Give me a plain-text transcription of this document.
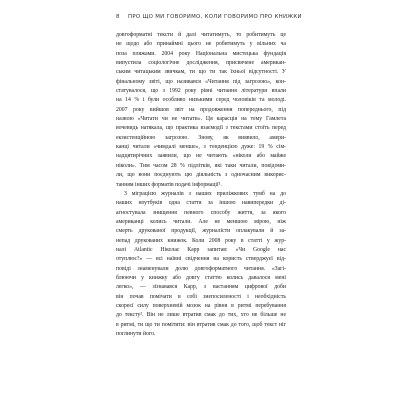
8 ПРО ЩО МИ ГОВОРИМО, КОЛИ ГОВОРИМО ПРО КНИЖКИ
довгоформатні тексти й далі читатимуть, то робитимуть це
не щодо або принаймні цього не робитимуть у вільних ча
поза пляжами. 2004 року Національна мистецька фундація
випустила соціологічне дослідження, присвячене американ-
ським читацьким звичкам, ти що ти так їхньої відсутності. У
фінальному звіті, що називався «Читання під загрозою», кон-
статувалося, що з 1992 року рівні читання літератури впали
на 14 % і були особливо низькими серед чоловіків та молоді.
2007 року вийшов звіт на продовження попереднього, під
назвою «Читати чи не читати». Ця карасція на тему Гамлета
вочевидь натякала, що практика взаємодії з текстами стоїть перед
екзистенційною загрозою. Знову, як виявило, амери-
канці читали «чимдалі менше», з тенденцією дуже: 19 % сім-
надцятирічних заявили, що не читають «ніколи або майже
ніколи». Тим часом 28 % підлітків, які таки читали, повідоми-
ли, що вони поєднують цю діяльність з одночасним викорис-
танням інших форматів подачі інформації¹.
З міграцією журналів з наших приліжкових тумб на до
наших ноутбуків одна стаття за іншою навипередки ді-
агностувала знищення певного способу життя, за якого
американці колись читали. Але не меншою мірою, ніж
смерть друкованої продукції, журналісти оплакували й за-
непад друкованих книжок. Коли 2008 року в статті у жур-
налі Atlantic Ніколас Карр запитав: «Чи Google нас
отуплює?» — всі наївні свідчення на користь стверджуєї від-
повіді знаменували долю довгоформатного читання. «Загі-
блюючи у книжку або довгу статтю колись давалося мені
легко», — зізнавався Карр, з настанням цифрової доби
він почав помічати в собі знепосиленості і необхідність
скореєї силу поверхневій мозок на рівня в ритмі перебування
до тексту². Він не лише втратив смак до тих, хто не більше не
в ритмі, ти що ти помітити: він втратив смак до того, щоб текст ніг
поглинути його.
